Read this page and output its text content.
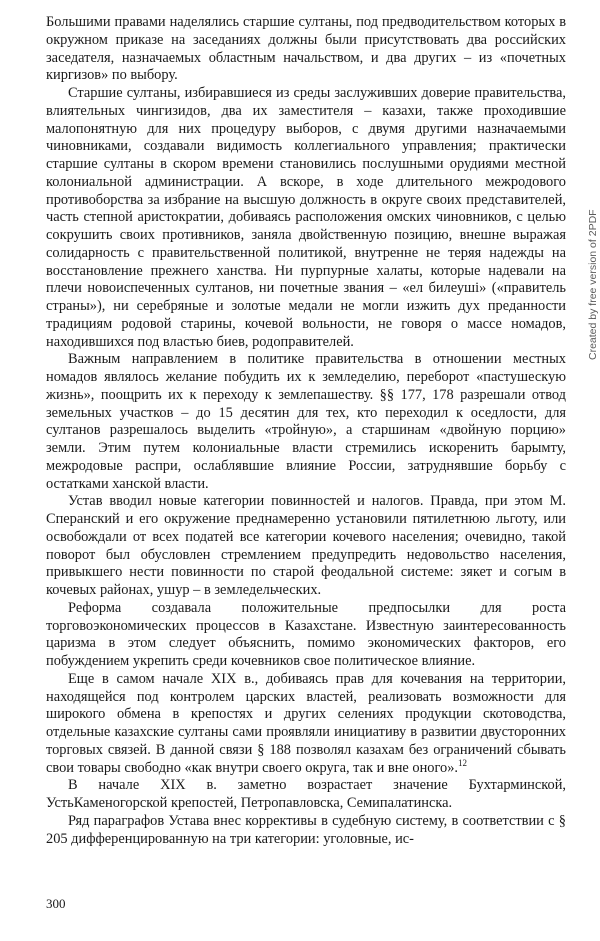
Большими правами наделялись старшие султаны, под предводительством которых в окружном приказе на заседаниях должны были присутствовать два российских заседателя, назначаемых областным начальством, и два других – из «почетных киргизов» по выбору.

Старшие султаны, избиравшиеся из среды заслуживших доверие правительства, влиятельных чингизидов, два их заместителя – казахи, также проходившие малопонятную для них процедуру выборов, с двумя другими назначаемыми чиновниками, создавали видимость коллегиального управления; практически старшие султаны в скором времени становились послушными орудиями местной колониальной администрации. А вскоре, в ходе длительного межродового противоборства за избрание на высшую должность в округе своих представителей, часть степной аристократии, добиваясь расположения омских чиновников, с целью сокрушить своих противников, заняла двойственную позицию, внешне выражая солидарность с правительственной политикой, внутренне не теряя надежды на восстановление прежнего ханства. Ни пурпурные халаты, которые надевали на плечи новоиспеченных султанов, ни почетные звания – «ел билеуші» («правитель страны»), ни серебряные и золотые медали не могли изжить дух преданности традициям родовой старины, кочевой вольности, не говоря о массе номадов, находившихся под властью биев, родоправителей.

Важным направлением в политике правительства в отношении местных номадов являлось желание побудить их к земледелию, переборот «пастушескую жизнь», поощрить их к переходу к землепашеству. §§ 177, 178 разрешали отвод земельных участков – до 15 десятин для тех, кто переходил к оседлости, для султанов разрешалось выделить «тройную», а старшинам «двойную порцию» земли. Этим путем колониальные власти стремились искоренить барымту, межродовые распри, ослаблявшие влияние России, затруднявшие борьбу с остатками ханской власти.

Устав вводил новые категории повинностей и налогов. Правда, при этом М. Сперанский и его окружение преднамеренно установили пятилетнюю льготу, или освобождали от всех податей все категории кочевого населения; очевидно, такой поворот был обусловлен стремлением предупредить недовольство населения, привыкшего нести повинности по старой феодальной системе: зякет и согым в кочевых районах, ушур – в земледельческих.

Реформа создавала положительные предпосылки для роста торговоэкономических процессов в Казахстане. Известную заинтересованность царизма в этом следует объяснить, помимо экономических факторов, его побуждением укрепить среди кочевников свое политическое влияние.

Еще в самом начале XIX в., добиваясь прав для кочевания на территории, находящейся под контролем царских властей, реализовать возможности для широкого обмена в крепостях и других селениях продукции скотоводства, отдельные казахские султаны сами проявляли инициативу в развитии двусторонних торговых связей. В данной связи § 188 позволял казахам без ограничений сбывать свои товары свободно «как внутри своего округа, так и вне оного».$^{12}$

В начале XIX в. заметно возрастает значение Бухтарминской, УстьКаменогорской крепостей, Петропавловска, Семипалатинска.

Ряд параграфов Устава внес коррективы в судебную систему, в соответствии с § 205 дифференцированную на три категории: уголовные, ис-

300
Created by free version of 2PDF
